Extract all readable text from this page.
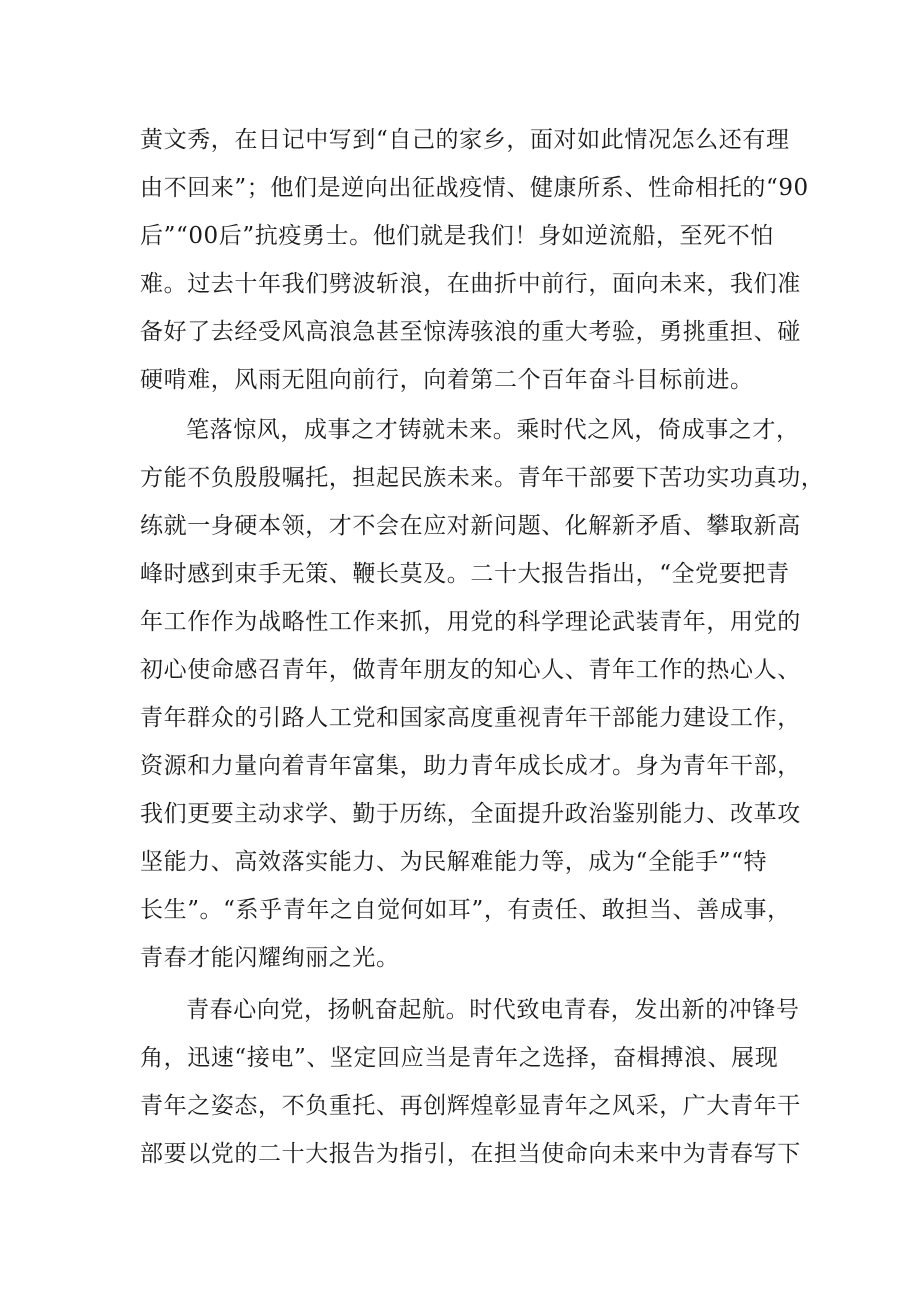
黄文秀，在日记中写到“自己的家乡，面对如此情况怎么还有理
由不回来”；他们是逆向出征战疫情、健康所系、性命相托的“90
后”“00后”抗疫勇士。他们就是我们！身如逆流船，至死不怕
难。过去十年我们劈波斩浪，在曲折中前行，面向未来，我们准
备好了去经受风高浪急甚至惊涛骇浪的重大考验，勇挑重担、碰
硬啃难，风雨无阻向前行，向着第二个百年奋斗目标前进。
笔落惊风，成事之才铸就未来。乘时代之风，倚成事之才，
方能不负殷殷嘱托，担起民族未来。青年干部要下苦功实功真功，
练就一身硬本领，才不会在应对新问题、化解新矛盾、攀取新高
峰时感到束手无策、鞭长莫及。二十大报告指出，“全党要把青
年工作作为战略性工作来抓，用党的科学理论武装青年，用党的
初心使命感召青年，做青年朋友的知心人、青年工作的热心人、
青年群众的引路人工党和国家高度重视青年干部能力建设工作，
资源和力量向着青年富集，助力青年成长成才。身为青年干部，
我们更要主动求学、勤于历练，全面提升政治鉴别能力、改革攻
坚能力、高效落实能力、为民解难能力等，成为“全能手”“特
长生”。“系乎青年之自觉何如耳”，有责任、敢担当、善成事，
青春才能闪耀绚丽之光。
青春心向党，扬帆奋起航。时代致电青春，发出新的冲锋号
角，迅速“接电”、坚定回应当是青年之选择，奋楫搏浪、展现
青年之姿态，不负重托、再创辉煌彰显青年之风采，广大青年干
部要以党的二十大报告为指引，在担当使命向未来中为青春写下
